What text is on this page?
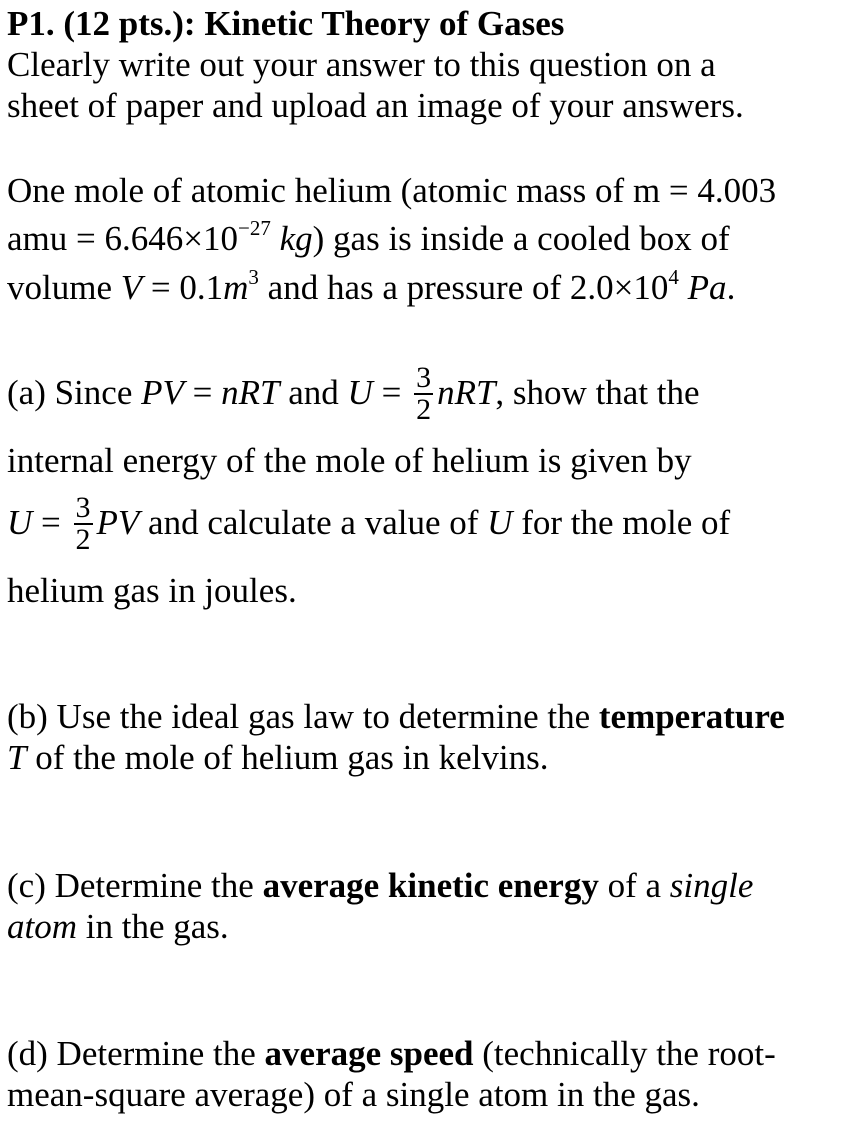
P1. (12 pts.): Kinetic Theory of Gases
Clearly write out your answer to this question on a
sheet of paper and upload an image of your answers.
One mole of atomic helium (atomic mass of m = 4.003
amu = $6.646\times 10^{-27}$ kg) gas is inside a cooled box of
volume $V = 0.1m^3$ and has a pressure of $2.0\times 10^4$ Pa.
(a) Since PV = nRT and $U = \frac{3}{2}$ nRT, show that the
internal energy of the mole of helium is given by
$U = \frac{3}{2}$ PV and calculate a value of U for the mole of
helium gas in joules.
(b) Use the ideal gas law to determine the temperature
T of the mole of helium gas in kelvins.
(c) Determine the average kinetic energy of a single
atom in the gas.
(d) Determine the average speed (technically the root-
mean-square average) of a single atom in the gas.
